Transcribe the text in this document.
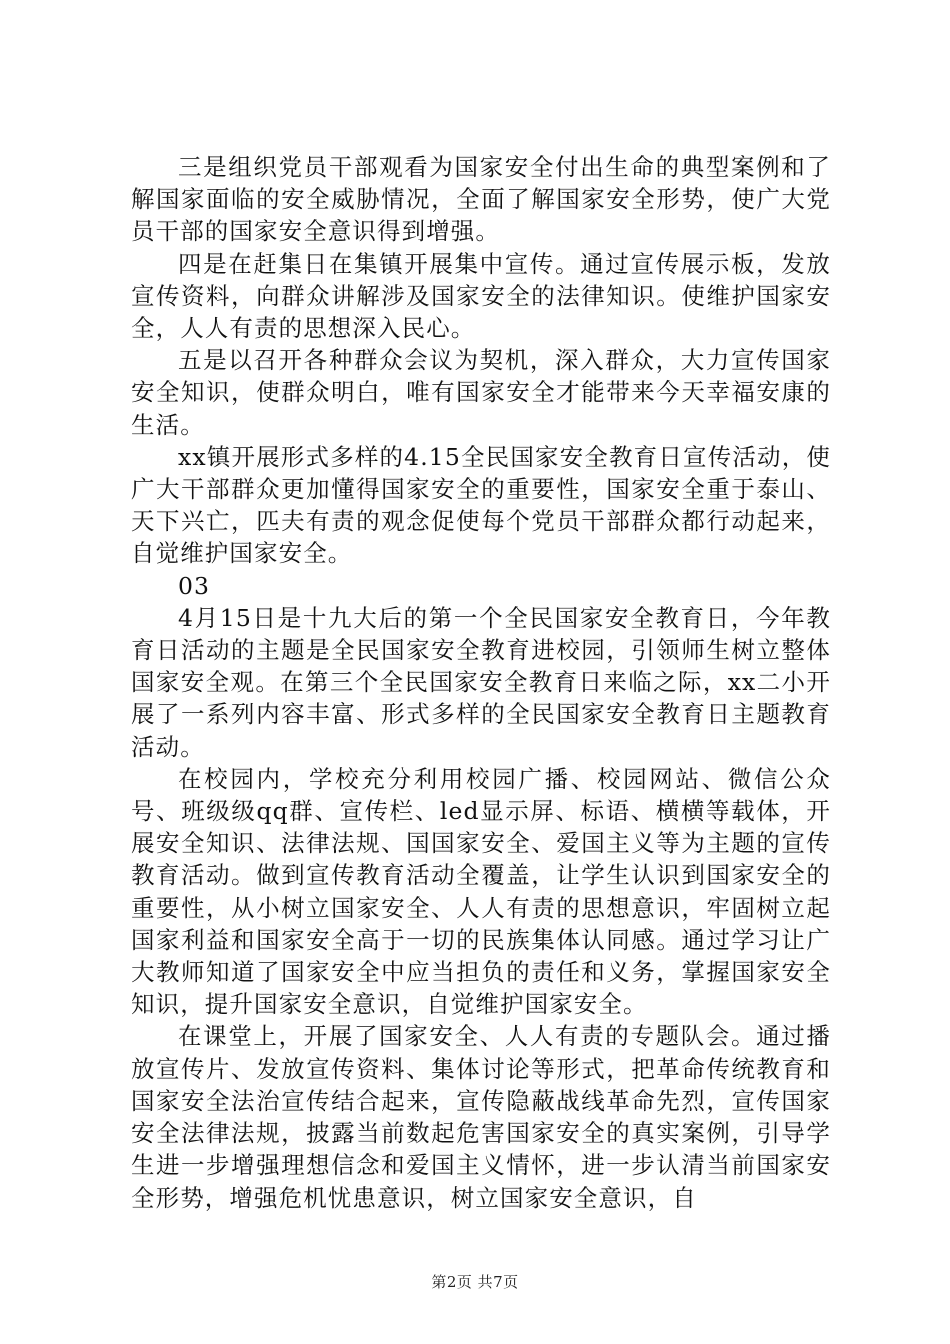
三是组织党员干部观看为国家安全付出生命的典型案例和了解国家面临的安全威胁情况，全面了解国家安全形势，使广大党员干部的国家安全意识得到增强。

四是在赶集日在集镇开展集中宣传。通过宣传展示板，发放宣传资料，向群众讲解涉及国家安全的法律知识。使维护国家安全，人人有责的思想深入民心。

五是以召开各种群众会议为契机，深入群众，大力宣传国家安全知识，使群众明白，唯有国家安全才能带来今天幸福安康的生活。

xx镇开展形式多样的4.15全民国家安全教育日宣传活动，使广大干部群众更加懂得国家安全的重要性，国家安全重于泰山、天下兴亡，匹夫有责的观念促使每个党员干部群众都行动起来，自觉维护国家安全。

03

4月15日是十九大后的第一个全民国家安全教育日，今年教育日活动的主题是全民国家安全教育进校园，引领师生树立整体国家安全观。在第三个全民国家安全教育日来临之际，xx二小开展了一系列内容丰富、形式多样的全民国家安全教育日主题教育活动。

在校园内，学校充分利用校园广播、校园网站、微信公众号、班级级qq群、宣传栏、led显示屏、标语、横横等载体，开展安全知识、法律法规、国国家安全、爱国主义等为主题的宣传教育活动。做到宣传教育活动全覆盖，让学生认识到国家安全的重要性，从小树立国家安全、人人有责的思想意识，牢固树立起国家利益和国家安全高于一切的民族集体认同感。通过学习让广大教师知道了国家安全中应当担负的责任和义务，掌握国家安全知识，提升国家安全意识，自觉维护国家安全。

在课堂上，开展了国家安全、人人有责的专题队会。通过播放宣传片、发放宣传资料、集体讨论等形式，把革命传统教育和国家安全法治宣传结合起来，宣传隐蔽战线革命先烈，宣传国家安全法律法规，披露当前数起危害国家安全的真实案例，引导学生进一步增强理想信念和爱国主义情怀，进一步认清当前国家安全形势，增强危机忧患意识，树立国家安全意识，自

第2页 共7页
